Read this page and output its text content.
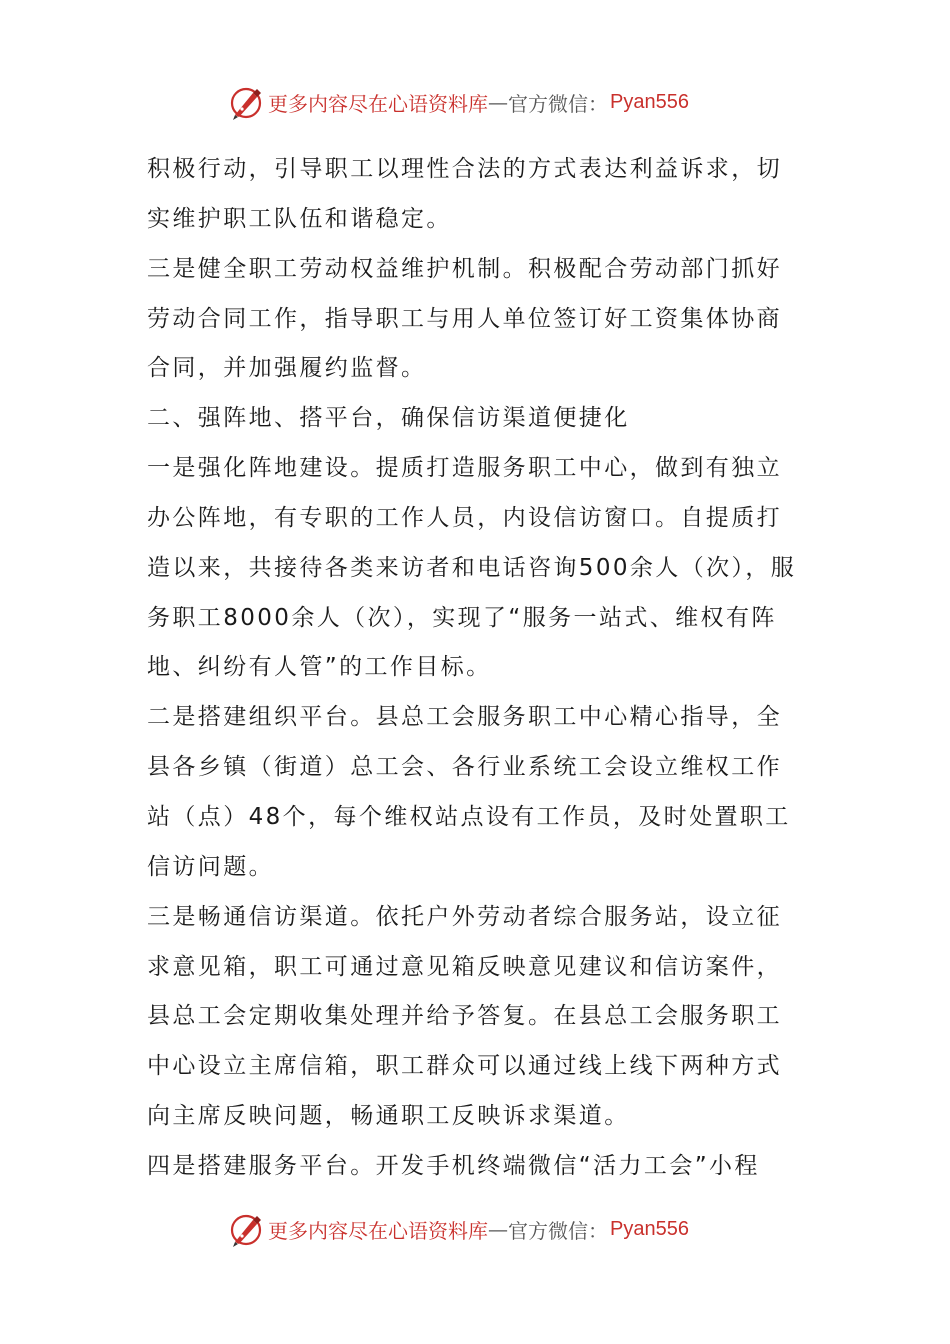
更多内容尽在心语资料库 — 官方微信： Pyan556
积极行动，引导职工以理性合法的方式表达利益诉求，切
实维护职工队伍和谐稳定。
三是健全职工劳动权益维护机制。积极配合劳动部门抓好
劳动合同工作，指导职工与用人单位签订好工资集体协商
合同，并加强履约监督。
二、强阵地、搭平台，确保信访渠道便捷化
一是强化阵地建设。提质打造服务职工中心，做到有独立
办公阵地，有专职的工作人员，内设信访窗口。自提质打
造以来，共接待各类来访者和电话咨询500余人（次），服
务职工8000余人（次），实现了“服务一站式、维权有阵
地、纠纷有人管”的工作目标。
二是搭建组织平台。县总工会服务职工中心精心指导，全
县各乡镇（街道）总工会、各行业系统工会设立维权工作
站（点）48个，每个维权站点设有工作员，及时处置职工
信访问题。
三是畅通信访渠道。依托户外劳动者综合服务站，设立征
求意见箱，职工可通过意见箱反映意见建议和信访案件，
县总工会定期收集处理并给予答复。在县总工会服务职工
中心设立主席信箱，职工群众可以通过线上线下两种方式
向主席反映问题，畅通职工反映诉求渠道。
四是搭建服务平台。开发手机终端微信“活力工会”小程
更多内容尽在心语资料库 — 官方微信： Pyan556
